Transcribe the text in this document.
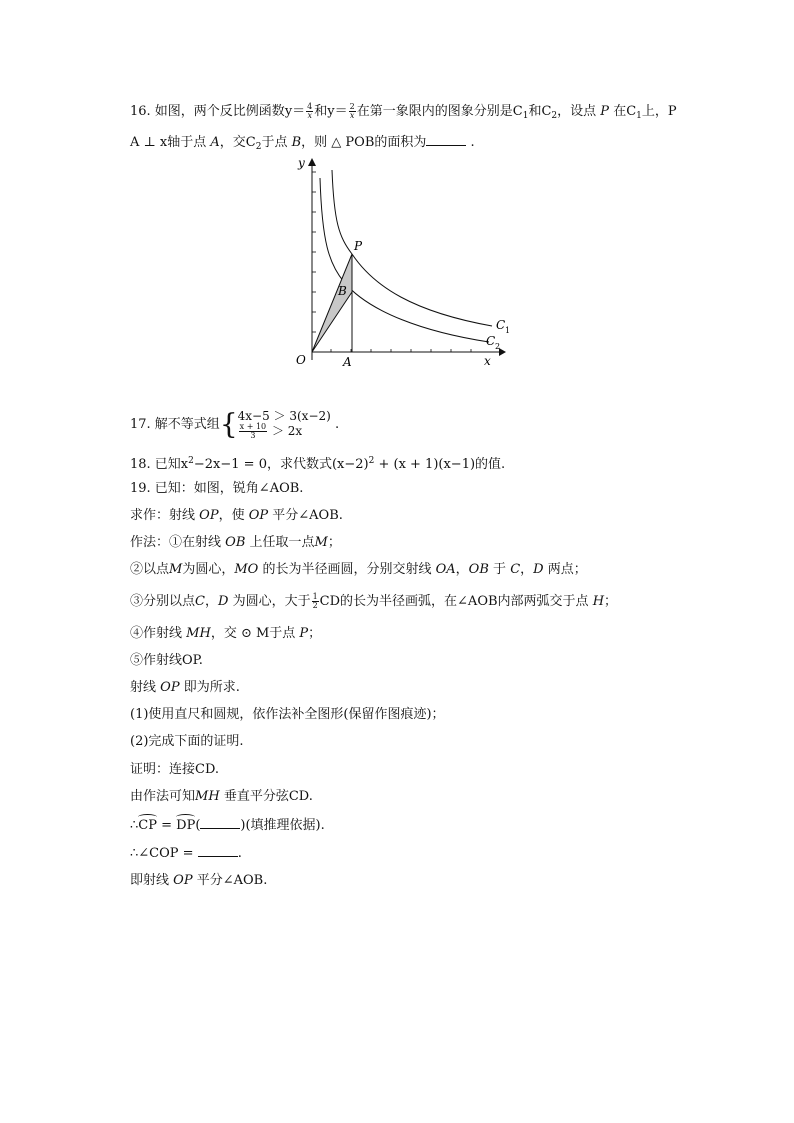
16. 如图，两个反比例函数$y= \frac{4}{x}$ 和$y= \frac{2}{x}$ 在第一象限内的图象分别是$C_1$和$C_2$，设点 P 在$C_1$上，P
A ⊥ x轴于点 A，交$C_2$于点 B，则 △ POB的面积为	.
y
x
O	A
P
B
C 1
C 2
17. 解不等式组{ 4x−5 ＞ 3(x−2)
$\frac{x + 10}{3} > 2x$	.
18. 已知$x^2-2x-1 = 0$，求代数式$(x-2)^2 + (x + 1)(x-1)$的值.
19. 已知：如图，锐角∠AOB.
求作：射线 OP，使 OP 平分∠AOB.
作法：①在射线 OB 上任取一点M；
②以点M为圆心，MO 的长为半径画圆，分别交射线 OA，OB 于 C，D 两点；
③分别以点C，D 为圆心，大于 $\frac{1}{2}$ CD的长为半径画弧，在∠AOB内部两弧交于点 H；
④作射线 MH，交 ⊙ M于点 P；
⑤作射线OP.
射线 OP 即为所求.
(1)使用直尺和圆规，依作法补全图形(保留作图痕迹)；
(2)完成下面的证明.
证明：连接CD.
由作法可知MH 垂直平分弦CD.
∴CP = DP(	)(填推理依据).
∴∠COP =	.
即射线 OP 平分∠AOB.
